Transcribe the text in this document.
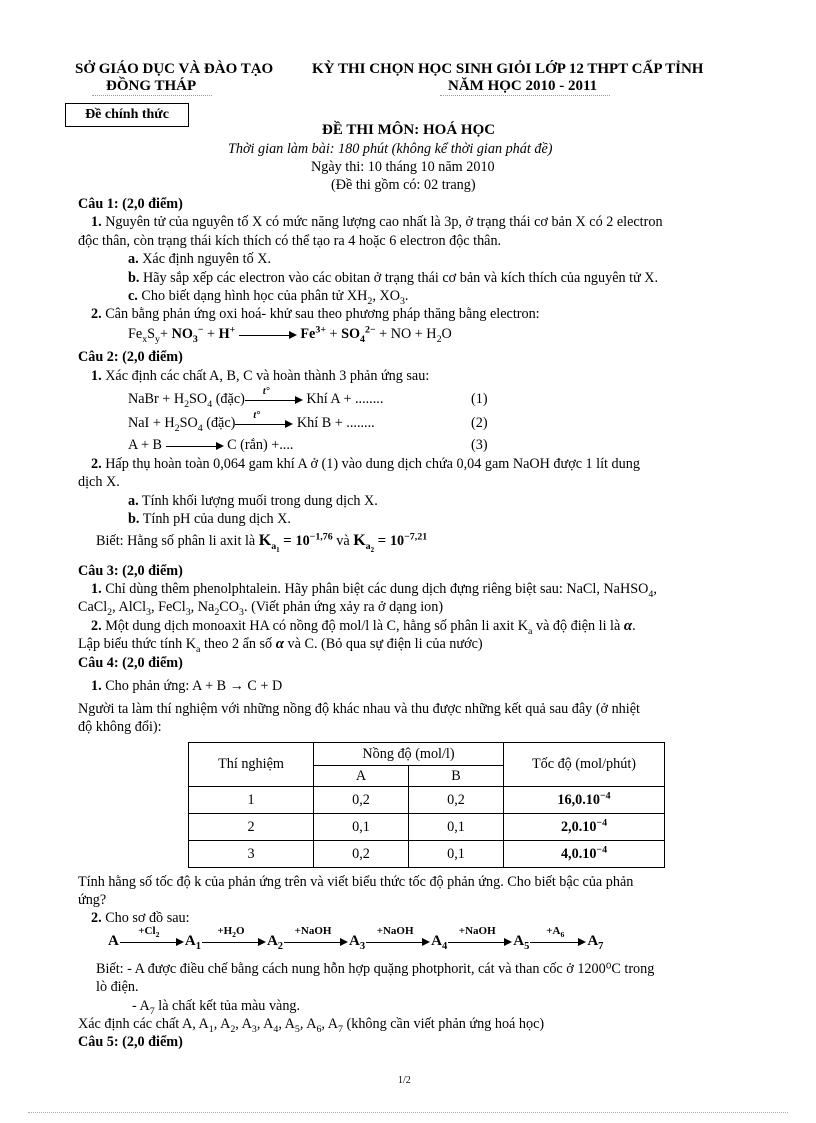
SỞ GIÁO DỤC VÀ ĐÀO TẠO
ĐỒNG THÁP
KỲ THI CHỌN HỌC SINH GIỎI LỚP 12 THPT CẤP TỈNH
NĂM HỌC 2010 - 2011
Đề chính thức
ĐỀ THI MÔN: HOÁ HỌC
Thời gian làm bài: 180 phút (không kể thời gian phát đề)
Ngày thi: 10 tháng 10 năm 2010
(Đề thi gồm có: 02 trang)
Câu 1: (2,0 điểm)
1. Nguyên tử của nguyên tố X có mức năng lượng cao nhất là 3p, ở trạng thái cơ bản X có 2 electron
độc thân, còn trạng thái kích thích có thể tạo ra 4 hoặc 6 electron độc thân.
a. Xác định nguyên tố X.
b. Hãy sắp xếp các electron vào các obitan ở trạng thái cơ bản và kích thích của nguyên tử X.
c. Cho biết dạng hình học của phân tử $XH_2$, $XO_3$.
2. Cân bằng phản ứng oxi hoá- khử sau theo phương pháp thăng bằng electron:
$Fe_xS_y+ NO_3^- + H^+$	$Fe^{3+} + SO_4^{2-}$ + NO + $H_2O$
Câu 2: (2,0 điểm)
1. Xác định các chất A, B, C và hoàn thành 3 phản ứng sau:
NaBr + $H_2SO_4$ (đặc) t° Khí A + ........	(1)
NaI + $H_2SO_4$ (đặc) t° Khí B + ........	(2)
A + B	C (rắn) +....	(3)
2. Hấp thụ hoàn toàn 0,064 gam khí A ở (1) vào dung dịch chứa 0,04 gam NaOH được 1 lít dung
dịch X.
a. Tính khối lượng muối trong dung dịch X.
b. Tính pH của dung dịch X.
Biết: Hằng số phân li axit là $K_{a_1} = 10^{-1,76}$ và $K_{a_2} = 10^{-7,21}$
Câu 3: (2,0 điểm)
1. Chỉ dùng thêm phenolphtalein. Hãy phân biệt các dung dịch đựng riêng biệt sau: NaCl, NaHSO$_4$,
CaCl$_2$, AlCl$_3$, FeCl$_3$, $Na_2CO_3$. (Viết phản ứng xảy ra ở dạng ion)
2. Một dung dịch monoaxit HA có nồng độ mol/l là C, hằng số phân li axit $K_a$ và độ điện li là α.
Lập biểu thức tính $K_a$ theo 2 ẩn số α và C. (Bỏ qua sự điện li của nước)
Câu 4: (2,0 điểm)
1. Cho phản ứng: A + B → C + D
Người ta làm thí nghiệm với những nồng độ khác nhau và thu được những kết quả sau đây (ở nhiệt
độ không đổi):
Thí nghiệm	Nồng độ (mol/l)		Tốc độ (mol/phút)
	A	B	
1	0,2	0,2	$16,0.10^{-4}$
2	0,1	0,1	$2,0.10^{-4}$
3	0,2	0,1	$4,0.10^{-4}$
Tính hằng số tốc độ k của phản ứng trên và viết biểu thức tốc độ phản ứng. Cho biết bậc của phản
ứng?
2. Cho sơ đồ sau:
A
$+Cl_2$	$A_1$
$+H_2O$
$A_2$
+NaOH
$A_3$
+NaOH
$A_4$
+NaOH
$A_5$
$+A_6$	$A_7$
Biết: - A được điều chế bằng cách nung hỗn hợp quặng photphorit, cát và than cốc ở 1200⁰C trong
lò điện.
- $A_7$ là chất kết tủa màu vàng.
Xác định các chất A, $A_1$, $A_2$, $A_3$, $A_4$, $A_5$, $A_6$, $A_7$ (không cần viết phản ứng hoá học)
Câu 5: (2,0 điểm)
1/2
